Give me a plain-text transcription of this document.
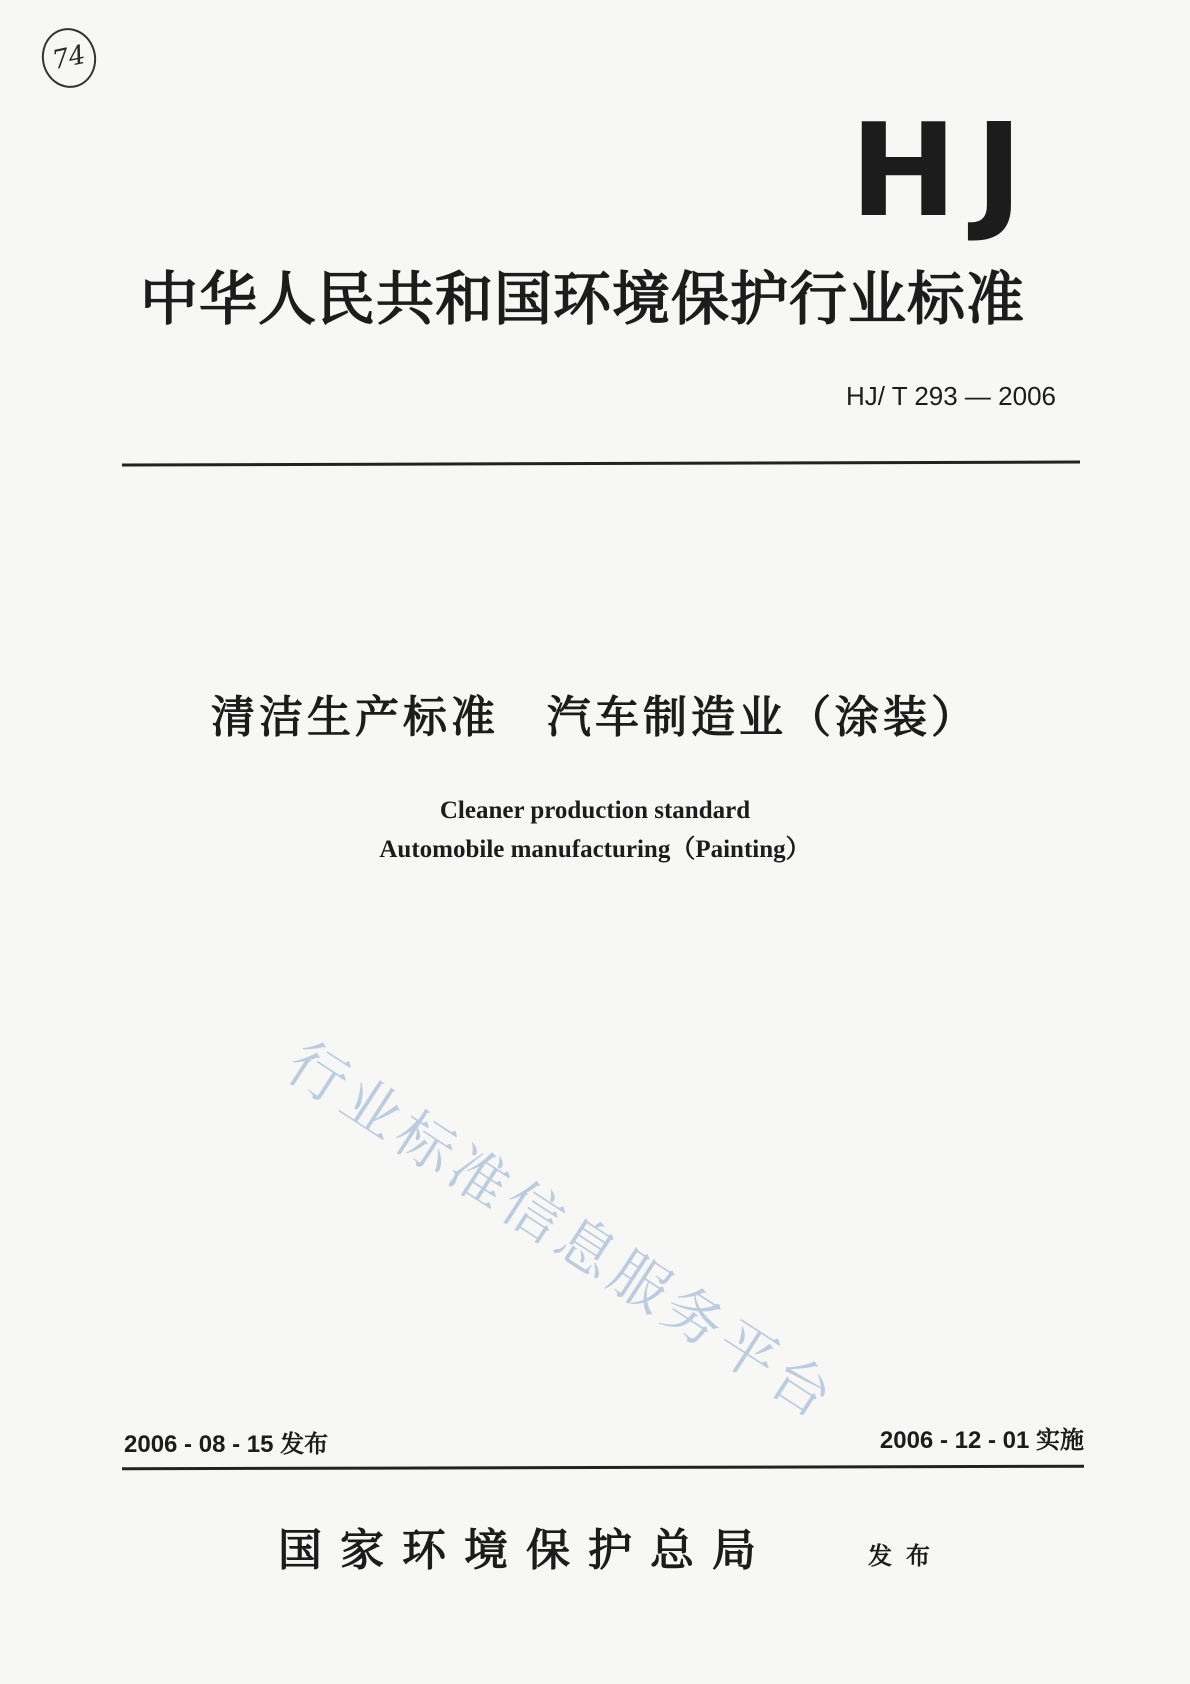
74
HJ
中华人民共和国环境保护行业标准
HJ/ T 293 — 2006
清洁生产标准　汽车制造业（涂装）
Cleaner production standard
Automobile manufacturing（Painting）
行业标准信息服务平台
2006 - 08 - 15 发布	2006 - 12 - 01 实施
国家环境保护总局	发布
